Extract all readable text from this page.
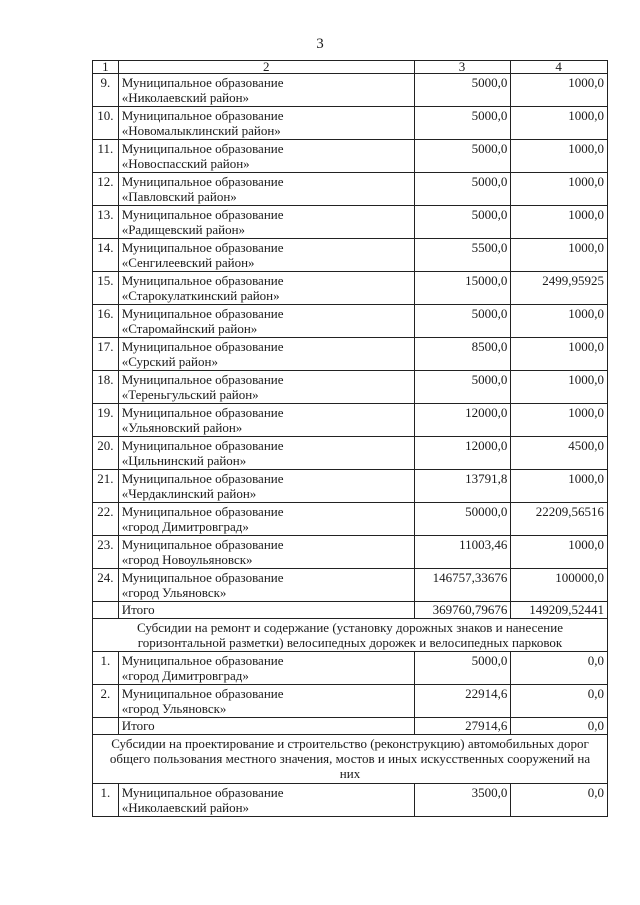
3
1	2	3	4
9.	Муниципальное образование
«Николаевский район»	5000,0	1000,0
10.	Муниципальное образование
«Новомалыклинский район»	5000,0	1000,0
11.	Муниципальное образование
«Новоспасский район»	5000,0	1000,0
12.	Муниципальное образование
«Павловский район»	5000,0	1000,0
13.	Муниципальное образование
«Радищевский район»	5000,0	1000,0
14.	Муниципальное образование
«Сенгилеевский район»	5500,0	1000,0
15.	Муниципальное образование
«Старокулаткинский район»	15000,0	2499,95925
16.	Муниципальное образование
«Старомайнский район»	5000,0	1000,0
17.	Муниципальное образование
«Сурский район»	8500,0	1000,0
18.	Муниципальное образование
«Тереньгульский район»	5000,0	1000,0
19.	Муниципальное образование
«Ульяновский район»	12000,0	1000,0
20.	Муниципальное образование
«Цильнинский район»	12000,0	4500,0
21.	Муниципальное образование
«Чердаклинский район»	13791,8	1000,0
22.	Муниципальное образование
«город Димитровград»	50000,0	22209,56516
23.	Муниципальное образование
«город Новоульяновск»	11003,46	1000,0
24.	Муниципальное образование
«город Ульяновск»	146757,33676	100000,0
	Итого	369760,79676	149209,52441
Субсидии на ремонт и содержание (установку дорожных знаков и нанесение горизонтальной разметки) велосипедных дорожек и велосипедных парковок			
1.	Муниципальное образование
«город Димитровград»	5000,0	0,0
2.	Муниципальное образование
«город Ульяновск»	22914,6	0,0
	Итого	27914,6	0,0
Субсидии на проектирование и строительство (реконструкцию) автомобильных дорог общего пользования местного значения, мостов и иных искусственных сооружений на них			
1.	Муниципальное образование
«Николаевский район»	3500,0	0,0
